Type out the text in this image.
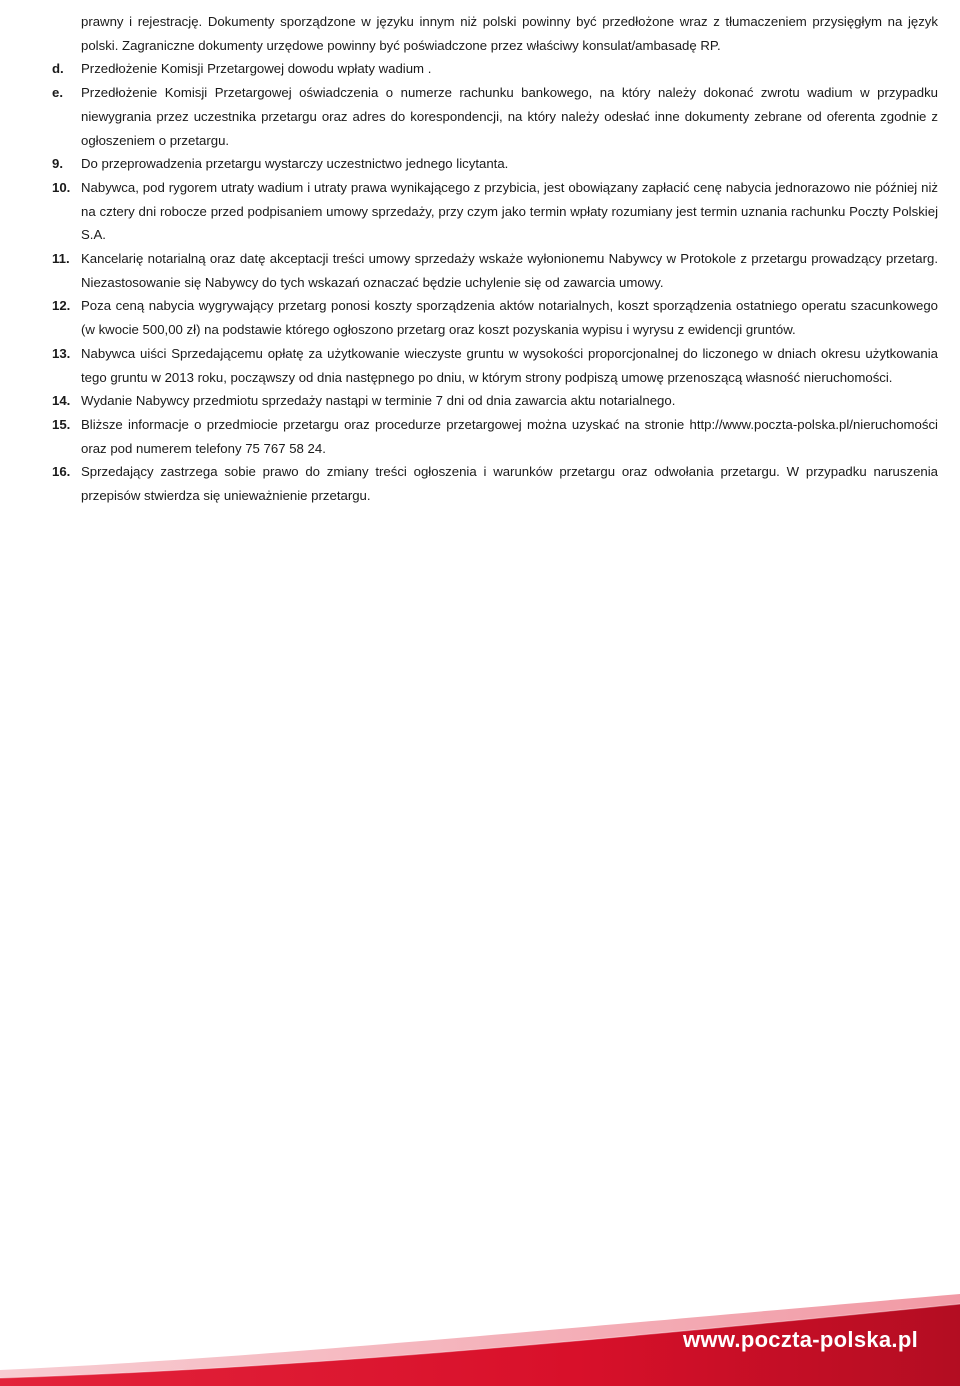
prawny i rejestrację. Dokumenty sporządzone w języku innym niż polski powinny być przedłożone wraz z tłumaczeniem przysięgłym na język polski. Zagraniczne dokumenty urzędowe powinny być poświadczone przez właściwy konsulat/ambasadę RP.
d.	Przedłożenie Komisji Przetargowej dowodu wpłaty wadium .
e.	Przedłożenie Komisji Przetargowej oświadczenia o numerze rachunku bankowego, na który należy dokonać zwrotu wadium w przypadku niewygrania przez uczestnika przetargu oraz adres do korespondencji, na który należy odesłać inne dokumenty zebrane od oferenta zgodnie z ogłoszeniem o przetargu.
9.	Do przeprowadzenia przetargu wystarczy uczestnictwo jednego licytanta.
10. Nabywca, pod rygorem utraty wadium i utraty prawa wynikającego z przybicia, jest obowiązany zapłacić cenę nabycia jednorazowo nie później niż na cztery dni robocze przed podpisaniem umowy sprzedaży, przy czym jako termin wpłaty rozumiany jest termin uznania rachunku Poczty Polskiej S.A.
11. Kancelarię notarialną oraz datę akceptacji treści umowy sprzedaży wskaże wyłonionemu Nabywcy w Protokole z przetargu prowadzący przetarg. Niezastosowanie się Nabywcy do tych wskazań oznaczać będzie uchylenie się od zawarcia umowy.
12. Poza ceną nabycia wygrywający przetarg ponosi koszty sporządzenia aktów notarialnych, koszt sporządzenia ostatniego operatu szacunkowego (w kwocie 500,00 zł) na podstawie którego ogłoszono przetarg oraz koszt pozyskania wypisu i wyrysu z ewidencji gruntów.
13. Nabywca uiści Sprzedającemu opłatę za użytkowanie wieczyste gruntu w wysokości proporcjonalnej do liczonego w dniach okresu użytkowania tego gruntu w 2013 roku, począwszy od dnia następnego po dniu, w którym strony podpiszą umowę przenoszącą własność nieruchomości.
14. Wydanie Nabywcy przedmiotu sprzedaży nastąpi w terminie 7 dni od dnia zawarcia aktu notarialnego.
15. Bliższe informacje o przedmiocie przetargu oraz procedurze przetargowej można uzyskać na stronie http://www.poczta-polska.pl/nieruchomości oraz pod numerem telefony 75 767 58 24.
16. Sprzedający zastrzega sobie prawo do zmiany treści ogłoszenia i warunków przetargu oraz odwołania przetargu. W przypadku naruszenia przepisów stwierdza się unieważnienie przetargu.
www.poczta-polska.pl
